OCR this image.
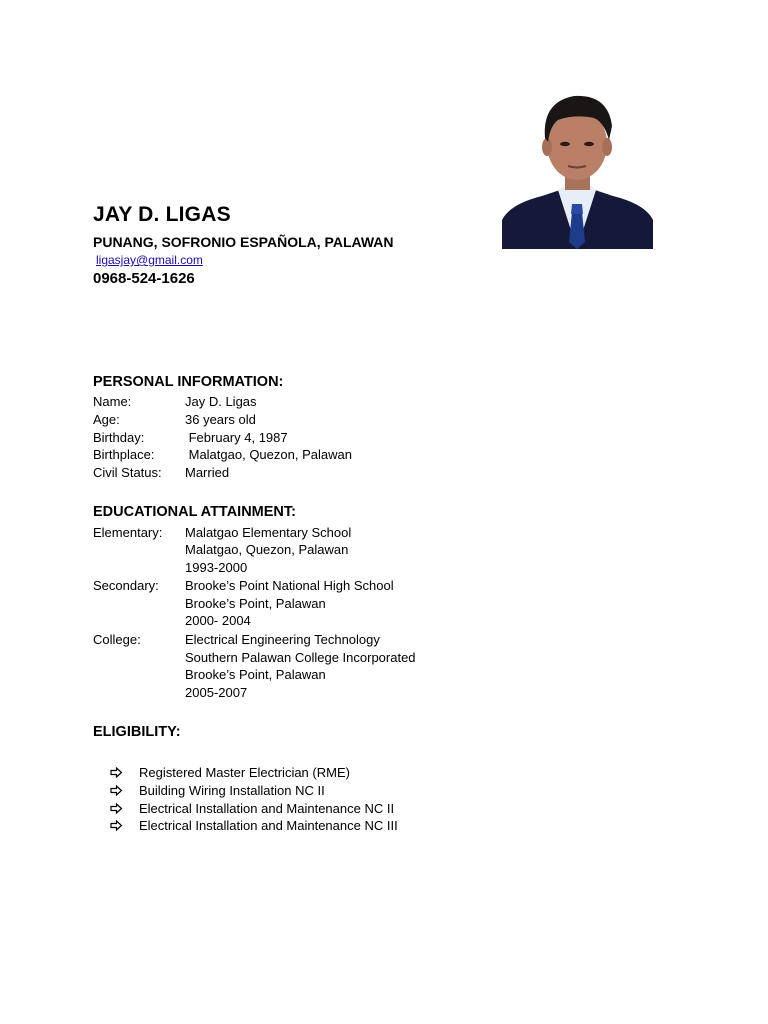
JAY D. LIGAS
PUNANG, SOFRONIO ESPAÑOLA, PALAWAN
ligasjay@gmail.com
0968-524-1626
PERSONAL INFORMATION:
Name:	Jay D. Ligas
Age:	36 years old
Birthday:	February 4, 1987
Birthplace: Malatgao, Quezon, Palawan
Civil Status: Married
EDUCATIONAL ATTAINMENT:
Elementary: Malatgao Elementary School
Malatgao, Quezon, Palawan
1993-2000
Secondary: Brooke’s Point National High School
Brooke’s Point, Palawan
2000- 2004
College:	Electrical Engineering Technology
Southern Palawan College Incorporated
Brooke’s Point, Palawan
2005-2007
ELIGIBILITY:
Registered Master Electrician (RME)
Building Wiring Installation NC II
Electrical Installation and Maintenance NC II
Electrical Installation and Maintenance NC III
